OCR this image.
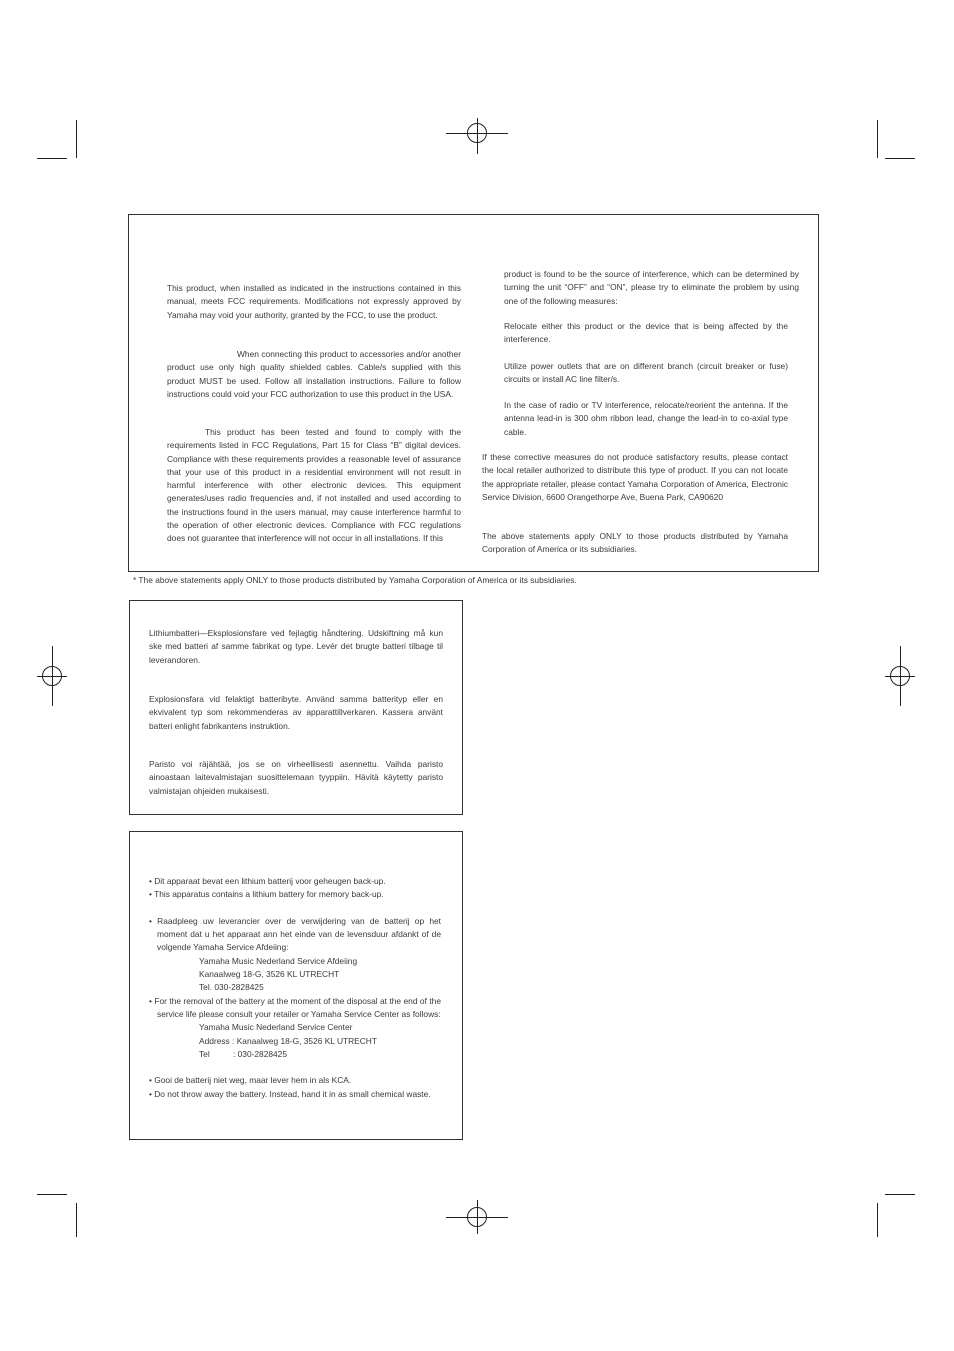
This product, when installed as indicated in the instructions contained in this manual, meets FCC requirements. Modifications not expressly approved by Yamaha may void your authority, granted by the FCC, to use the product.

When connecting this product to accessories and/or another product use only high quality shielded cables. Cable/s supplied with this product MUST be used. Follow all installation instructions. Failure to follow instructions could void your FCC authorization to use this product in the USA.

This product has been tested and found to comply with the requirements listed in FCC Regulations, Part 15 for Class “B” digital devices. Compliance with these requirements provides a reasonable level of assurance that your use of this product in a residential environment will not result in harmful interference with other electronic devices. This equipment generates/uses radio frequencies and, if not installed and used according to the instructions found in the users manual, may cause interference harmful to the operation of other electronic devices. Compliance with FCC regulations does not guarantee that interference will not occur in all installations. If this

product is found to be the source of interference, which can be determined by turning the unit “OFF” and “ON”, please try to eliminate the problem by using one of the following measures:

Relocate either this product or the device that is being affected by the interference.

Utilize power outlets that are on different branch (circuit breaker or fuse) circuits or install AC line filter/s.

In the case of radio or TV interference, relocate/reorient the antenna. If the antenna lead-in is 300 ohm ribbon lead, change the lead-in to co-axial type cable.

If these corrective measures do not produce satisfactory results, please contact the local retailer authorized to distribute this type of product. If you can not locate the appropriate retailer, please contact Yamaha Corporation of America, Electronic Service Division, 6600 Orangethorpe Ave, Buena Park, CA90620

The above statements apply ONLY to those products distributed by Yamaha Corporation of America or its subsidiaries.

* The above statements apply ONLY to those products distributed by Yamaha Corporation of America or its subsidiaries.

Lithiumbatteri—Eksplosionsfare ved fejlagtig håndtering. Udskiftning må kun ske med batteri af samme fabrikat og type. Levér det brugte batteri tilbage til leverandoren.

Explosionsfara vid felaktigt batteribyte. Använd samma batterityp eller en ekvivalent typ som rekommenderas av apparattillverkaren. Kassera använt batteri enlight fabrikantens instruktion.

Paristo voi räjähtää, jos se on virheellisesti asennettu. Vaihda paristo ainoastaan laitevalmistajan suosittelemaan tyyppiin. Hävitä käytetty paristo valmistajan ohjeiden mukaisesti.

• Dit apparaat bevat een lithium batterij voor geheugen back-up.
• This apparatus contains a lithium battery for memory back-up.

• Raadpleeg uw leverancier over de verwijdering van de batterij op het moment dat u het apparaat ann het einde van de levensduur afdankt of de volgende Yamaha Service Afdeiing:
Yamaha Music Nederland Service Afdeiing
Kanaalweg 18-G, 3526 KL UTRECHT
Tel. 030-2828425
• For the removal of the battery at the moment of the disposal at the end of the service life please consult your retailer or Yamaha Service Center as follows:
Yamaha Music Nederland Service Center
Address : Kanaalweg 18-G, 3526 KL UTRECHT
Tel          : 030-2828425

• Gooi de batterij niet weg, maar lever hem in als KCA.
• Do not throw away the battery. Instead, hand it in as small chemical waste.
